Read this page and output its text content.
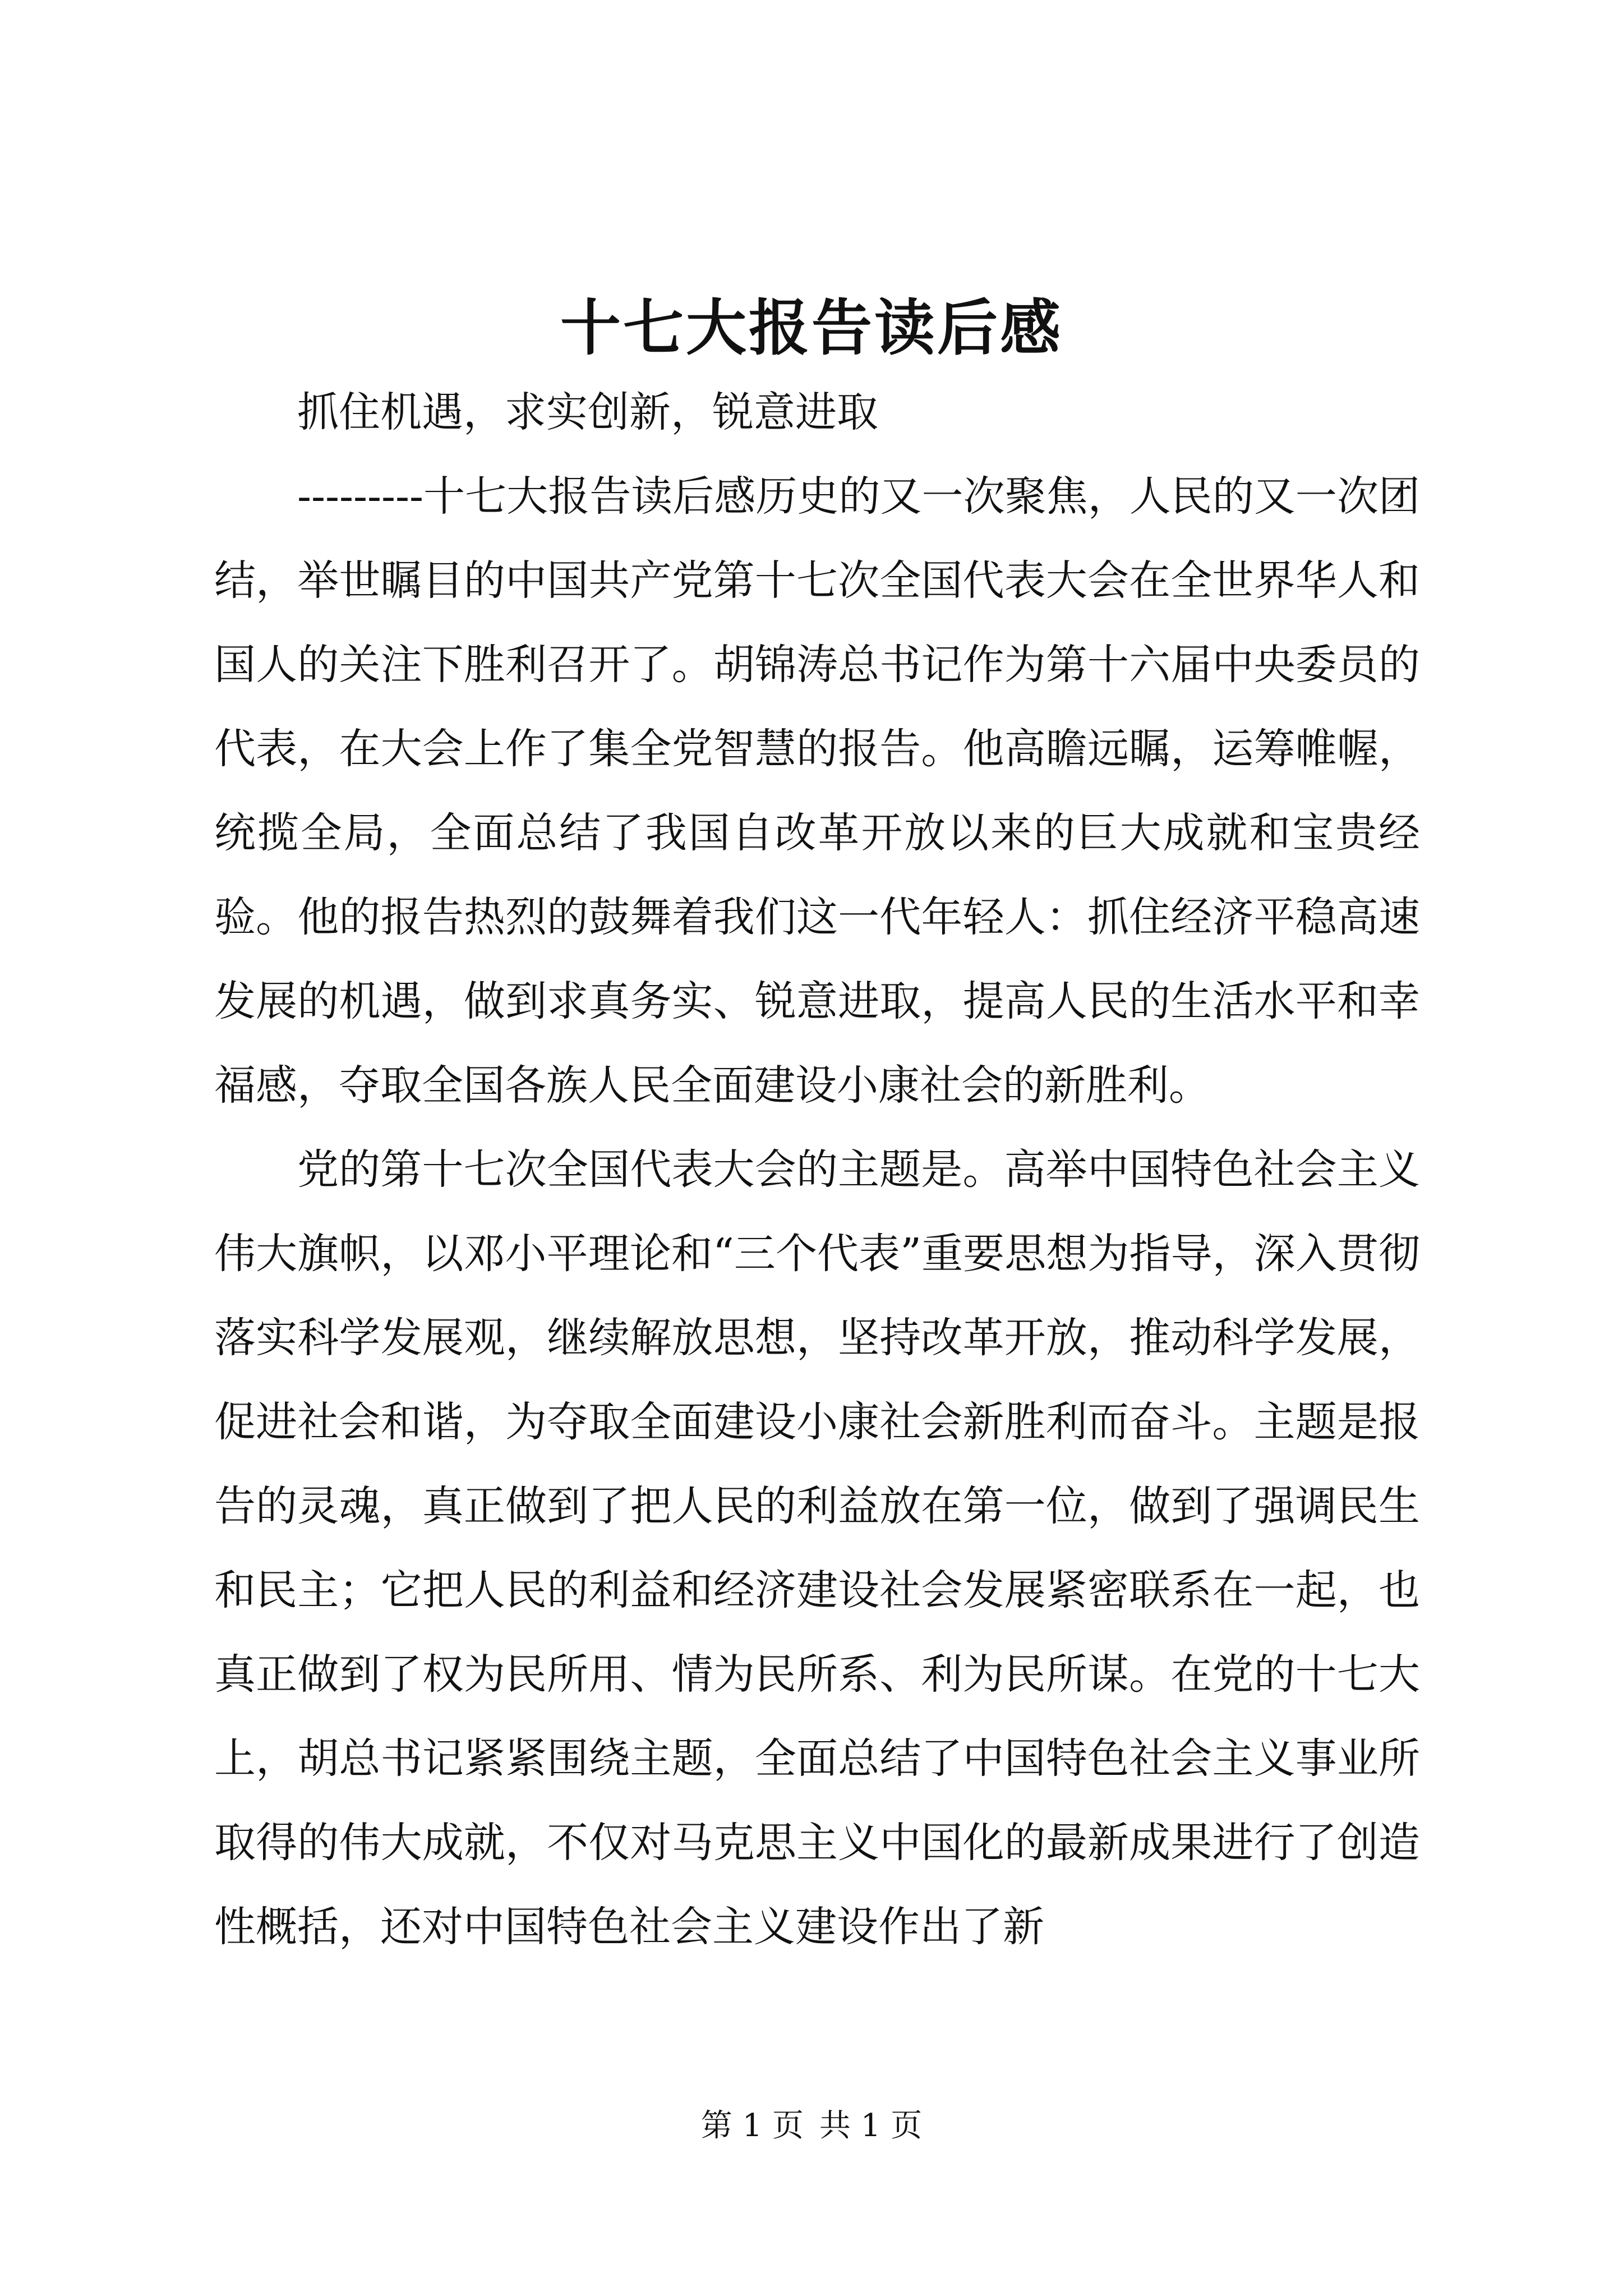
十七大报告读后感

抓住机遇，求实创新，锐意进取

---------十七大报告读后感历史的又一次聚焦，人民的又一次团结，举世瞩目的中国共产党第十七次全国代表大会在全世界华人和国人的关注下胜利召开了。胡锦涛总书记作为第十六届中央委员的代表，在大会上作了集全党智慧的报告。他高瞻远瞩，运筹帷幄，统揽全局，全面总结了我国自改革开放以来的巨大成就和宝贵经验。他的报告热烈的鼓舞着我们这一代年轻人：抓住经济平稳高速发展的机遇，做到求真务实、锐意进取，提高人民的生活水平和幸福感，夺取全国各族人民全面建设小康社会的新胜利。

党的第十七次全国代表大会的主题是。高举中国特色社会主义伟大旗帜，以邓小平理论和“三个代表”重要思想为指导，深入贯彻落实科学发展观，继续解放思想，坚持改革开放，推动科学发展，促进社会和谐，为夺取全面建设小康社会新胜利而奋斗。主题是报告的灵魂，真正做到了把人民的利益放在第一位，做到了强调民生和民主；它把人民的利益和经济建设社会发展紧密联系在一起，也真正做到了权为民所用、情为民所系、利为民所谋。在党的十七大上，胡总书记紧紧围绕主题，全面总结了中国特色社会主义事业所取得的伟大成就，不仅对马克思主义中国化的最新成果进行了创造性概括，还对中国特色社会主义建设作出了新

第 1 页 共 1 页
